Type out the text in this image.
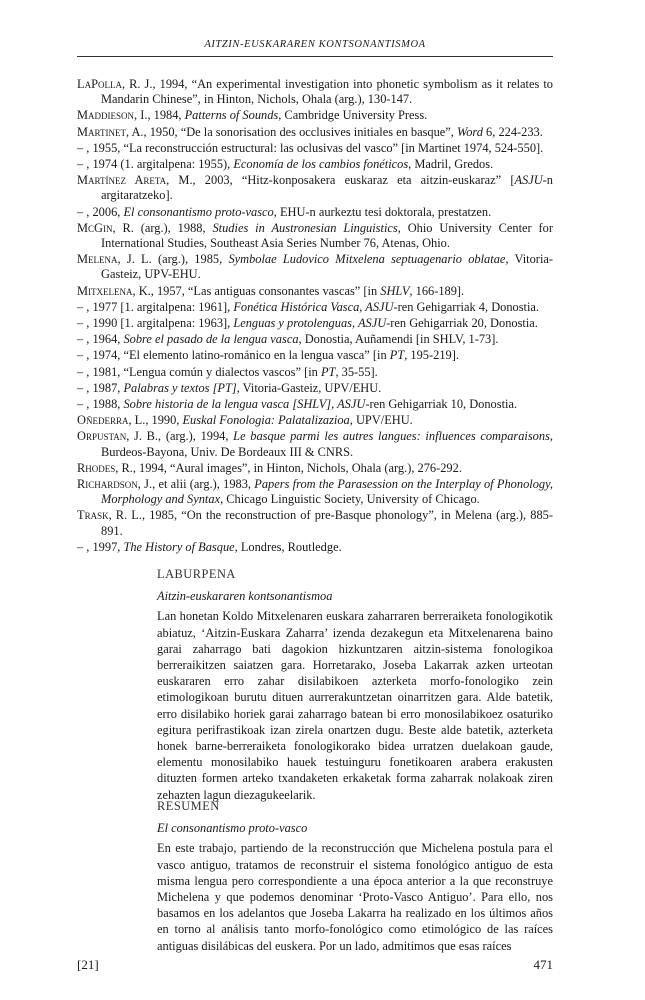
AITZIN-EUSKARAREN KONTSONANTISMOA

LaPolla, R. J., 1994, “An experimental investigation into phonetic symbolism as it relates to Mandarin Chinese”, in Hinton, Nichols, Ohala (arg.), 130-147.

Maddieson, I., 1984, Patterns of Sounds, Cambridge University Press.

Martinet, A., 1950, “De la sonorisation des occlusives initiales en basque”, Word 6, 224-233.

– , 1955, “La reconstrucción estructural: las oclusivas del vasco” [in Martinet 1974, 524-550].

– , 1974 (1. argitalpena: 1955), Economía de los cambios fonéticos, Madril, Gredos.

Martínez Areta, M., 2003, “Hitz-konposakera euskaraz eta aitzin-euskaraz” [ASJU-n argitaratzeko].

– , 2006, El consonantismo proto-vasco, EHU-n aurkeztu tesi doktorala, prestatzen.

McGin, R. (arg.), 1988, Studies in Austronesian Linguistics, Ohio University Center for International Studies, Southeast Asia Series Number 76, Atenas, Ohio.

Melena, J. L. (arg.), 1985, Symbolae Ludovico Mitxelena septuagenario oblatae, Vitoria-Gasteiz, UPV-EHU.

Mitxelena, K., 1957, “Las antiguas consonantes vascas” [in SHLV, 166-189].

– , 1977 [1. argitalpena: 1961], Fonética Histórica Vasca, ASJU-ren Gehigarriak 4, Donostia.

– , 1990 [1. argitalpena: 1963], Lenguas y protolenguas, ASJU-ren Gehigarriak 20, Donostia.

– , 1964, Sobre el pasado de la lengua vasca, Donostia, Auñamendi [in SHLV, 1-73].

– , 1974, “El elemento latino-románico en la lengua vasca” [in PT, 195-219].

– , 1981, “Lengua común y dialectos vascos” [in PT, 35-55].

– , 1987, Palabras y textos [PT], Vitoria-Gasteiz, UPV/EHU.

– , 1988, Sobre historia de la lengua vasca [SHLV], ASJU-ren Gehigarriak 10, Donostia.

Oñederra, L., 1990, Euskal Fonologia: Palatalizazioa, UPV/EHU.

Orpustan, J. B., (arg.), 1994, Le basque parmi les autres langues: influences comparaisons, Burdeos-Bayona, Univ. De Bordeaux III & CNRS.

Rhodes, R., 1994, “Aural images”, in Hinton, Nichols, Ohala (arg.), 276-292.

Richardson, J., et alii (arg.), 1983, Papers from the Parasession on the Interplay of Phonology, Morphology and Syntax, Chicago Linguistic Society, University of Chicago.

Trask, R. L., 1985, “On the reconstruction of pre-Basque phonology”, in Melena (arg.), 885-891.

– , 1997, The History of Basque, Londres, Routledge.

LABURPENA
Aitzin-euskararen kontsonantismoa

Lan honetan Koldo Mitxelenaren euskara zaharraren berreraiketa fonologikotik abiatuz, ‘Aitzin-Euskara Zaharra’ izenda dezakegun eta Mitxelenarena baino garai zaharrago bati dagokion hizkuntzaren aitzin-sistema fonologikoa berreraikitzen saiatzen gara. Horretarako, Joseba Lakarrak azken urteotan euskararen erro zahar disilabikoen azterketa morfo-fonologiko zein etimologikoan burutu dituen aurrerakuntzetan oinarritzen gara. Alde batetik, erro disilabiko horiek garai zaharrago batean bi erro monosilabikoez osaturiko egitura perifrastikoak izan zirela onartzen dugu. Beste alde batetik, azterketa honek barne-berreraiketa fonologikorako bidea urratzen duelakoan gaude, elementu monosilabiko hauek testuinguru fonetikoaren arabera erakusten dituzten formen arteko txandaketen erkaketak forma zaharrak nolakoak ziren zehazten lagun diezagukeelarik.

RESUMEN
El consonantismo proto-vasco

En este trabajo, partiendo de la reconstrucción que Michelena postula para el vasco antiguo, tratamos de reconstruir el sistema fonológico antiguo de esta misma lengua pero correspondiente a una época anterior a la que reconstruye Michelena y que podemos denominar ‘Proto-Vasco Antiguo’. Para ello, nos basamos en los adelantos que Joseba Lakarra ha realizado en los últimos años en torno al análisis tanto morfo-fonológico como etimológico de las raíces antiguas disilábicas del euskera. Por un lado, admitimos que esas raíces

[21]	471
